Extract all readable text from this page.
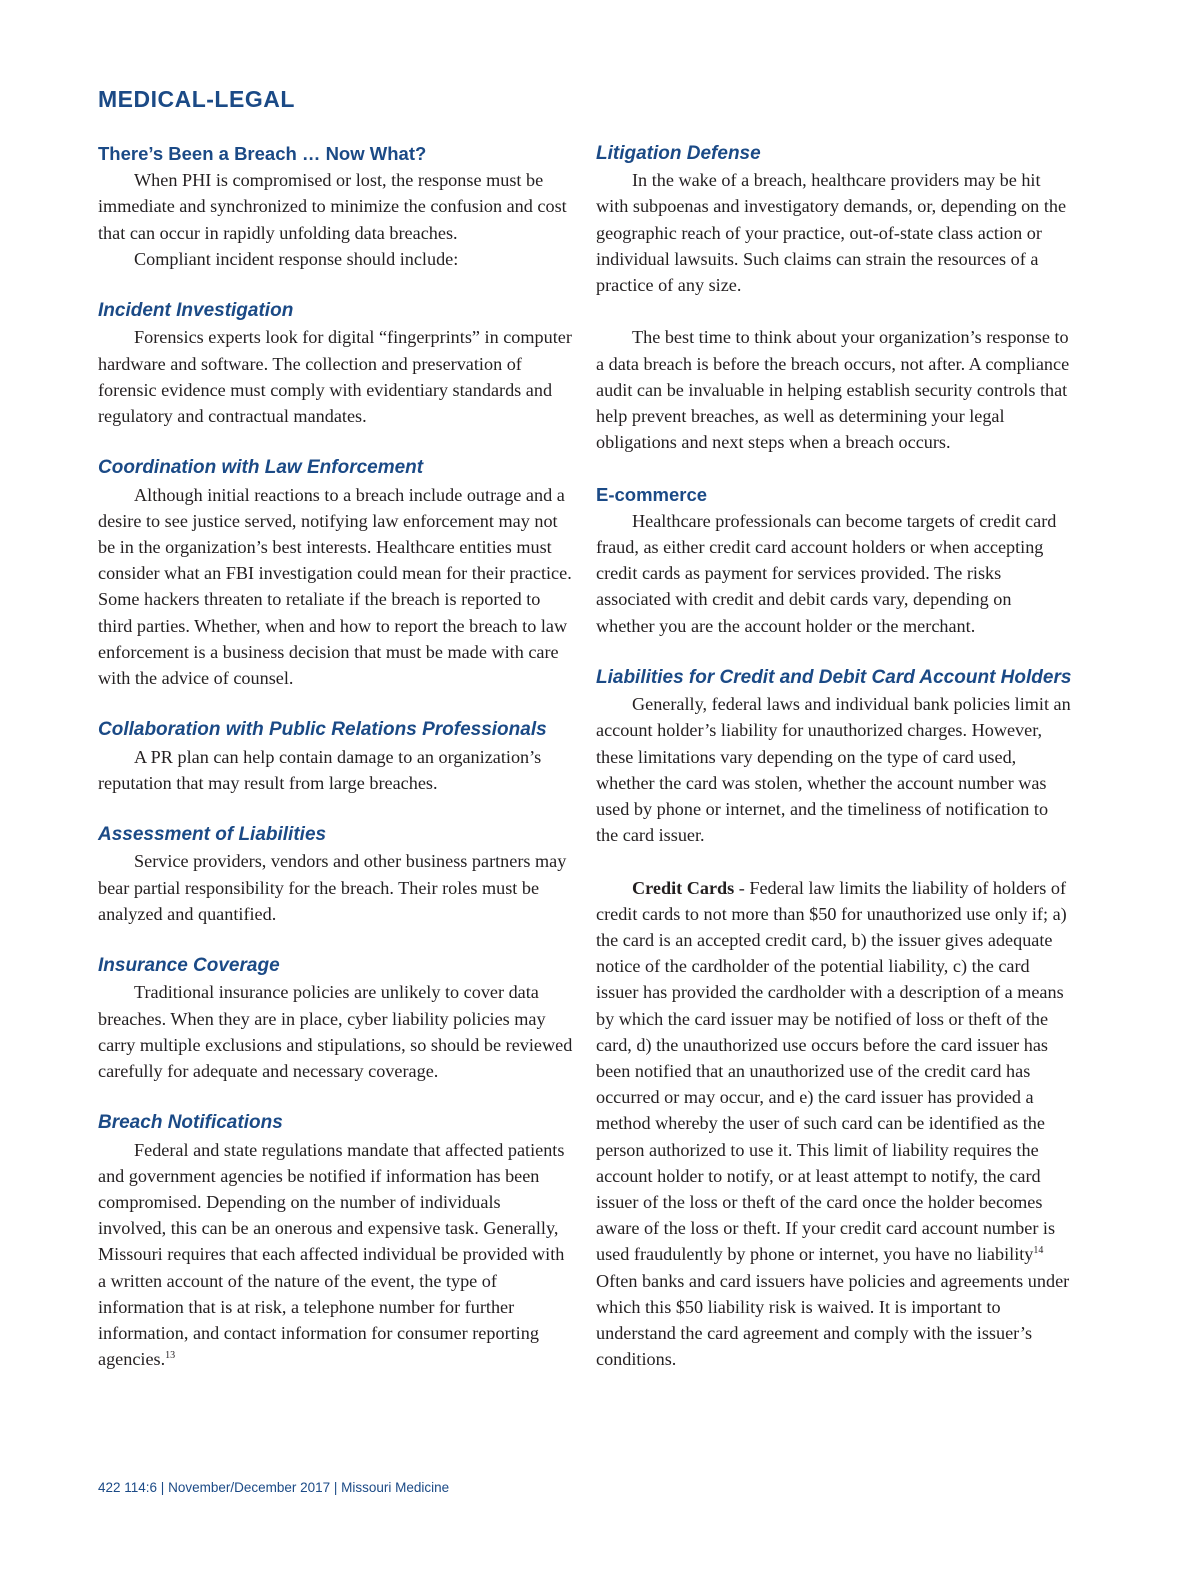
MEDICAL-LEGAL
There’s Been a Breach … Now What?

When PHI is compromised or lost, the response must be immediate and synchronized to minimize the confusion and cost that can occur in rapidly unfolding data breaches.

Compliant incident response should include:

Incident Investigation

Forensics experts look for digital “fingerprints” in computer hardware and software. The collection and preservation of forensic evidence must comply with evidentiary standards and regulatory and contractual mandates.

Coordination with Law Enforcement

Although initial reactions to a breach include outrage and a desire to see justice served, notifying law enforcement may not be in the organization’s best interests. Healthcare entities must consider what an FBI investigation could mean for their practice. Some hackers threaten to retaliate if the breach is reported to third parties. Whether, when and how to report the breach to law enforcement is a business decision that must be made with care with the advice of counsel.

Collaboration with Public Relations Professionals

A PR plan can help contain damage to an organization’s reputation that may result from large breaches.

Assessment of Liabilities

Service providers, vendors and other business partners may bear partial responsibility for the breach. Their roles must be analyzed and quantified.

Insurance Coverage

Traditional insurance policies are unlikely to cover data breaches. When they are in place, cyber liability policies may carry multiple exclusions and stipulations, so should be reviewed carefully for adequate and necessary coverage.

Breach Notifications

Federal and state regulations mandate that affected patients and government agencies be notified if information has been compromised. Depending on the number of individuals involved, this can be an onerous and expensive task. Generally, Missouri requires that each affected individual be provided with a written account of the nature of the event, the type of information that is at risk, a telephone number for further information, and contact information for consumer reporting agencies.$^{13}$

Litigation Defense

In the wake of a breach, healthcare providers may be hit with subpoenas and investigatory demands, or, depending on the geographic reach of your practice, out-of-state class action or individual lawsuits. Such claims can strain the resources of a practice of any size.

The best time to think about your organization’s response to a data breach is before the breach occurs, not after. A compliance audit can be invaluable in helping establish security controls that help prevent breaches, as well as determining your legal obligations and next steps when a breach occurs.

E-commerce

Healthcare professionals can become targets of credit card fraud, as either credit card account holders or when accepting credit cards as payment for services provided. The risks associated with credit and debit cards vary, depending on whether you are the account holder or the merchant.

Liabilities for Credit and Debit Card Account Holders

Generally, federal laws and individual bank policies limit an account holder’s liability for unauthorized charges. However, these limitations vary depending on the type of card used, whether the card was stolen, whether the account number was used by phone or internet, and the timeliness of notification to the card issuer.

Credit Cards - Federal law limits the liability of holders of credit cards to not more than $50 for unauthorized use only if; a) the card is an accepted credit card, b) the issuer gives adequate notice of the cardholder of the potential liability, c) the card issuer has provided the cardholder with a description of a means by which the card issuer may be notified of loss or theft of the card, d) the unauthorized use occurs before the card issuer has been notified that an unauthorized use of the credit card has occurred or may occur, and e) the card issuer has provided a method whereby the user of such card can be identified as the person authorized to use it. This limit of liability requires the account holder to notify, or at least attempt to notify, the card issuer of the loss or theft of the card once the holder becomes aware of the loss or theft. If your credit card account number is used fraudulently by phone or internet, you have no liability$^{14}$ Often banks and card issuers have policies and agreements under which this $50 liability risk is waived. It is important to understand the card agreement and comply with the issuer’s conditions.

422 114:6 | November/December 2017 | Missouri Medicine
